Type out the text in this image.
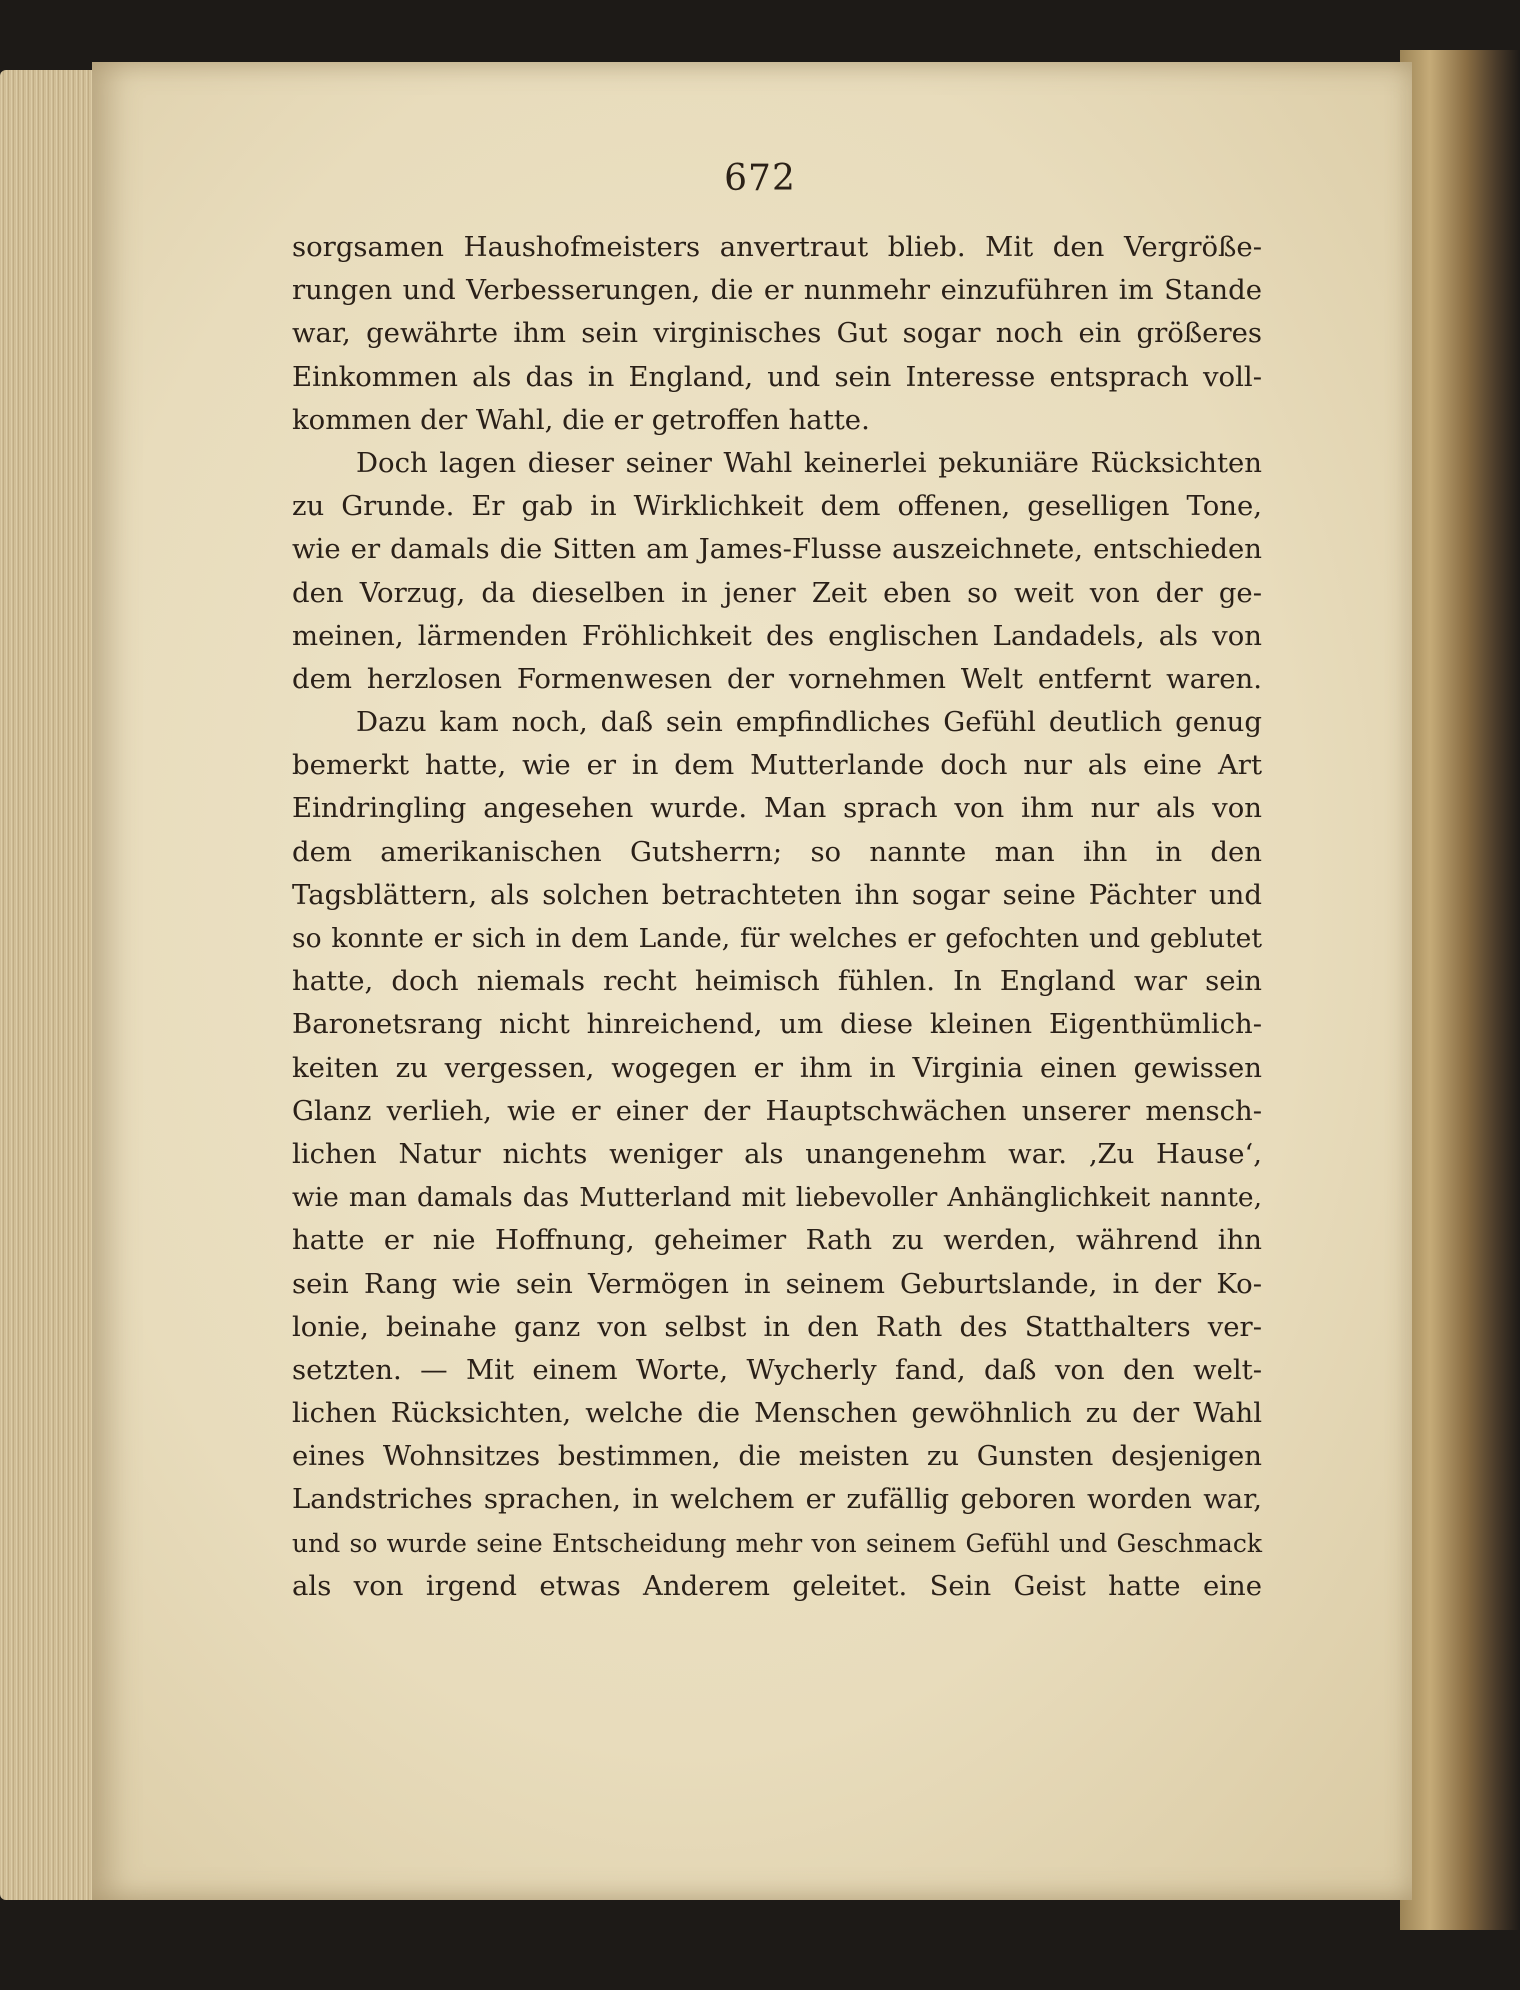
672
sorgsamen Haushofmeisters anvertraut blieb. Mit den Vergröße-
rungen und Verbesserungen, die er nunmehr einzuführen im Stande
war, gewährte ihm sein virginisches Gut sogar noch ein größeres
Einkommen als das in England, und sein Interesse entsprach voll-
kommen der Wahl, die er getroffen hatte.
Doch lagen dieser seiner Wahl keinerlei pekuniäre Rücksichten
zu Grunde. Er gab in Wirklichkeit dem offenen, geselligen Tone,
wie er damals die Sitten am James-Flusse auszeichnete, entschieden
den Vorzug, da dieselben in jener Zeit eben so weit von der ge-
meinen, lärmenden Fröhlichkeit des englischen Landadels, als von
dem herzlosen Formenwesen der vornehmen Welt entfernt waren.
Dazu kam noch, daß sein empfindliches Gefühl deutlich genug
bemerkt hatte, wie er in dem Mutterlande doch nur als eine Art
Eindringling angesehen wurde. Man sprach von ihm nur als von
dem amerikanischen Gutsherrn; so nannte man ihn in den
Tagsblättern, als solchen betrachteten ihn sogar seine Pächter und
so konnte er sich in dem Lande, für welches er gefochten und geblutet
hatte, doch niemals recht heimisch fühlen. In England war sein
Baronetsrang nicht hinreichend, um diese kleinen Eigenthümlich-
keiten zu vergessen, wogegen er ihm in Virginia einen gewissen
Glanz verlieh, wie er einer der Hauptschwächen unserer mensch-
lichen Natur nichts weniger als unangenehm war. ‚Zu Hause‘,
wie man damals das Mutterland mit liebevoller Anhänglichkeit nannte,
hatte er nie Hoffnung, geheimer Rath zu werden, während ihn
sein Rang wie sein Vermögen in seinem Geburtslande, in der Ko-
lonie, beinahe ganz von selbst in den Rath des Statthalters ver-
setzten. — Mit einem Worte, Wycherly fand, daß von den welt-
lichen Rücksichten, welche die Menschen gewöhnlich zu der Wahl
eines Wohnsitzes bestimmen, die meisten zu Gunsten desjenigen
Landstriches sprachen, in welchem er zufällig geboren worden war,
und so wurde seine Entscheidung mehr von seinem Gefühl und Geschmack
als von irgend etwas Anderem geleitet. Sein Geist hatte eine
